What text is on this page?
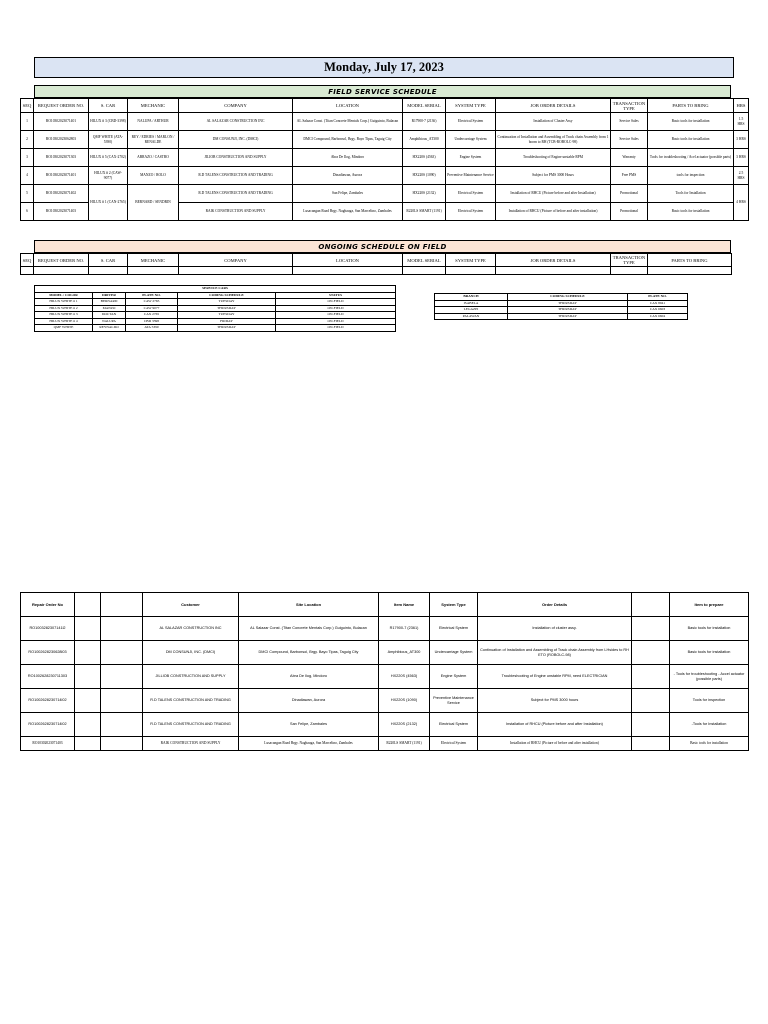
Monday, July 17, 2023
FIELD SERVICE SCHEDULE
SEQ	REQUEST ORDER NO.	S. CAR	MECHANIC	COMPANY	LOCATION	MODEL SERIAL	SYSTEM TYPE	JOB ORDER DETAILS	TRANSACTION TYPE	PARTS TO BRING	HRS
1	RO10302023071401	HILUX # 3 (CBD-3398)	NALUPA / ARTHUR	AL SALAZAR CONSTRUCTION INC	AL Salazar Const. (Titan Concrete Mentals Corp.) Guiguinto, Bulacan	R17900-7 (2136)	Electrical System	Installation of Cluster Assy	Service Sales	Basic tools for installation	1.5 HRS
2	RO10302023062803	QMF WHITE (ATA-5390)	REY / EDRIES / MARLON / RENALDE	DM CONSUNJI, INC. (DMCI)	DMCI Compound, Barbonsol, Brgy. Bayo Tipas, Taguig City	Amphibious_AT300	Undercarriage System	Continuation of Installation and Assembling of Track chain Assembly from 1 boom to RH (TCB-ROBOLC-98)	Service Sales	Basic tools for installation	3 HRS
3	RO10302023071303	HILUX # 5 (CAX-2702)	ABRAZO / CASTRO	JILIOB CONSTRUCTION AND SUPPLY	Abra De Ilog, Mindoro	HX220S (4563)	Engine System	Troubleshooting of Engine unstable RPM	Warranty	Tools for troubleshooting / Acel actuator (possible parts)	3 HRS
4	RO10302023071401	HILUX # 2 (CAW-9077)	MANZO / ROLO	R.D TALENS CONSTRUCTION AND TRADING	Dinadiawan, Aurora	HX220S (1090)	Preventive Maintenance Service	Subject for PMS 3000 Hours	Free PMS	tools for inspection	2.5 HRS
5	RO10302023071402	HILUX # 1 (CAN-2765)	BERNARD / SENDRIN	R.D TALENS CONSTRUCTION AND TRADING	San Felipe, Zambales	HX220S (2132)	Electrical System	Installation of RHCU (Picture before and after Installation)	Promotional	Tools for Installation	4 HRS
6	RO10302023071403			RAIK CONSTRUCTION AND SUPPLY	Lusacangan Road Brgy. Naghauga, San Marcelino, Zambales	R220LS SMART (1191)	Electrical System	Installation of RHCU (Picture of before and after installation)	Promotional	Basic tools for installation	
ONGOING SCHEDULE ON FIELD
SEQ	REQUEST ORDER NO.	S. CAR	MECHANIC	COMPANY	LOCATION	MODEL SERIAL	SYSTEM TYPE	JOB ORDER DETAILS	TRANSACTION TYPE	PARTS TO BRING

SERVICE CARS				
MODEL / COLOR	DRIVER	PLATE NO.	CODING SCHEDULE	STATUS
HILUX WHITE # 1	BERNARD	CAW 2765	TUESDAY	ON-FIELD
HILUX WHITE # 2	MANZO	CAW 9077	THURSDAY	ON-FIELD
HILUX WHITE # 3	DOCTAN	CAX 2765	TUESDAY	ON-FIELD
HILUX WHITE # 4	NALUPA	CBD 3398	FRIDAY	ON-FIELD
QMF WHITE	REYNALDO	ATA 5390	THURSDAY	ON-FIELD
BRANCH	CODING SCHEDULE	PLATE NO.
ISABELA	THURSDAY	CAX 8941
LEGAZPI	THURSDAY	CAX 6603
PALAWAN	THURSDAY	CAX 6604
Repair Order No			Customer	Site Location	Item Name	System Type	Order Details		Item to prepare
RO1003282307141l2			AL SALAZAR CONSTRUCTION INC	AL Salazar Const. (Titan Concrete Mentals Corp.) Guiguinto, Bulacan	R17900-7 (2361)	Electrical System	Installation of cluster assy.		Basic tools for installation
RO1002628230628l03			DM CONSUNJI, INC. (DMCI)	DMCI Compound, Barbonsol, Brgy. Bayo Tipas, Taguig City	Amphibious_AT300	Undercarriage System	Continuation of Installation and Assembling of Track chain Assembly from LHsides to RH ETO (ROBOLC-98)		Basic tools for installation
RO1002628230711303			JILLIOB CONSTRUCTION AND SUPPLY	Abra De Ilog, Mindoro	HX220S (4563)	Engine System	Troubleshooting of Engine unstable RPM, need ELECTRICIAN		- Tools for troubleshooting - Accel actuator (possible parts)
RO1002628230714l02			R.D TALENS CONSTRUCTION AND TRADING	Dinadiawan, Aurora	HX220S (1090)	Preventive Maintenance Service	Subject for PMS 3000 hours		Tools for inspection
RO1002628230714l02			R.D TALENS CONSTRUCTION AND TRADING	San Felipe, Zambales	HX220S (2132)	Electrical System	Installation of RHCU (Picture before and after Installation)		-Tools for Installation
RO10302023071403			RAIK CONSTRUCTION AND SUPPLY	Lusacangan Road Brgy. Naghauga, San Marcelino, Zambales	R220LS SMART (1191)	Electrical System	Installation of RHCU (Picture of before and after installation)		Basic tools for installation
